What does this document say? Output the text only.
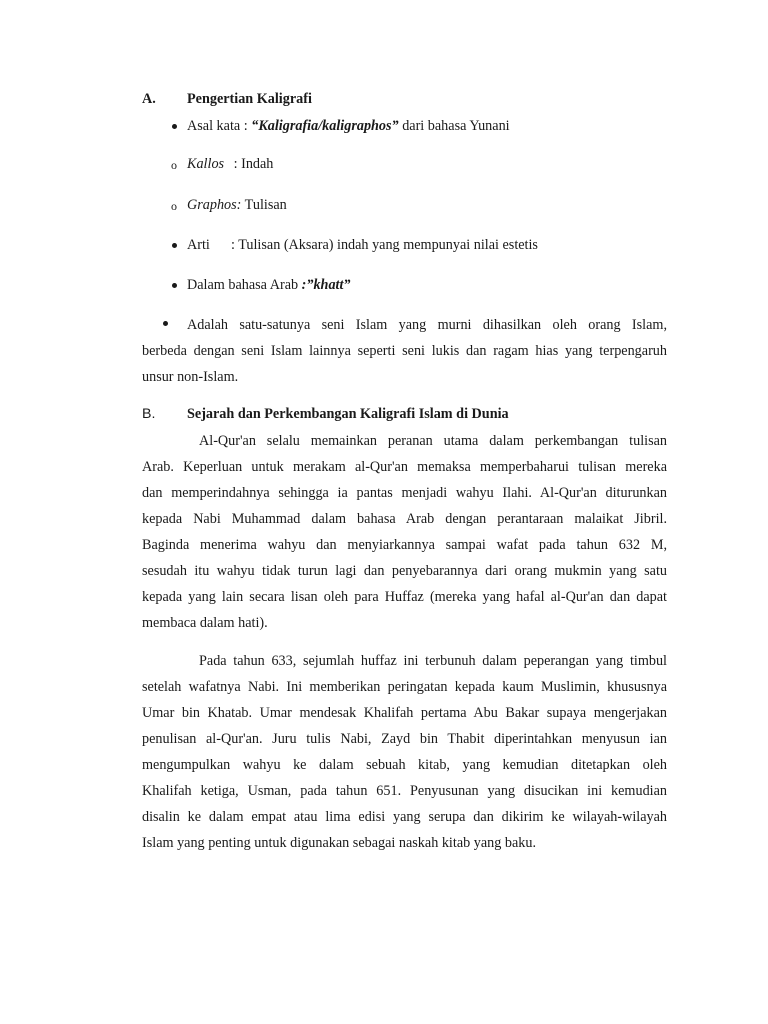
A. Pengertian Kaligrafi
Asal kata : “Kaligrafia/kaligraphos” dari bahasa Yunani
o Kallos : Indah
o Graphos: Tulisan
Arti : Tulisan (Aksara) indah yang mempunyai nilai estetis
Dalam bahasa Arab :”khatt”
Adalah satu-satunya seni Islam yang murni dihasilkan oleh orang Islam,
berbeda dengan seni Islam lainnya seperti seni lukis dan ragam hias yang terpengaruh
unsur non-Islam.
B. Sejarah dan Perkembangan Kaligrafi Islam di Dunia
Al-Qur'an selalu memainkan peranan utama dalam perkembangan tulisan
Arab. Keperluan untuk merakam al-Qur'an memaksa memperbaharui tulisan mereka
dan memperindahnya sehingga ia pantas menjadi wahyu Ilahi. Al-Qur'an diturunkan
kepada Nabi Muhammad dalam bahasa Arab dengan perantaraan malaikat Jibril.
Baginda menerima wahyu dan menyiarkannya sampai wafat pada tahun 632 M,
sesudah itu wahyu tidak turun lagi dan penyebarannya dari orang mukmin yang satu
kepada yang lain secara lisan oleh para Huffaz (mereka yang hafal al-Qur'an dan dapat
membaca dalam hati).
Pada tahun 633, sejumlah huffaz ini terbunuh dalam peperangan yang timbul
setelah wafatnya Nabi. Ini memberikan peringatan kepada kaum Muslimin, khususnya
Umar bin Khatab. Umar mendesak Khalifah pertama Abu Bakar supaya mengerjakan
penulisan al-Qur'an. Juru tulis Nabi, Zayd bin Thabit diperintahkan menyusun ian
mengumpulkan wahyu ke dalam sebuah kitab, yang kemudian ditetapkan oleh
Khalifah ketiga, Usman, pada tahun 651. Penyusunan yang disucikan ini kemudian
disalin ke dalam empat atau lima edisi yang serupa dan dikirim ke wilayah-wilayah
Islam yang penting untuk digunakan sebagai naskah kitab yang baku.
